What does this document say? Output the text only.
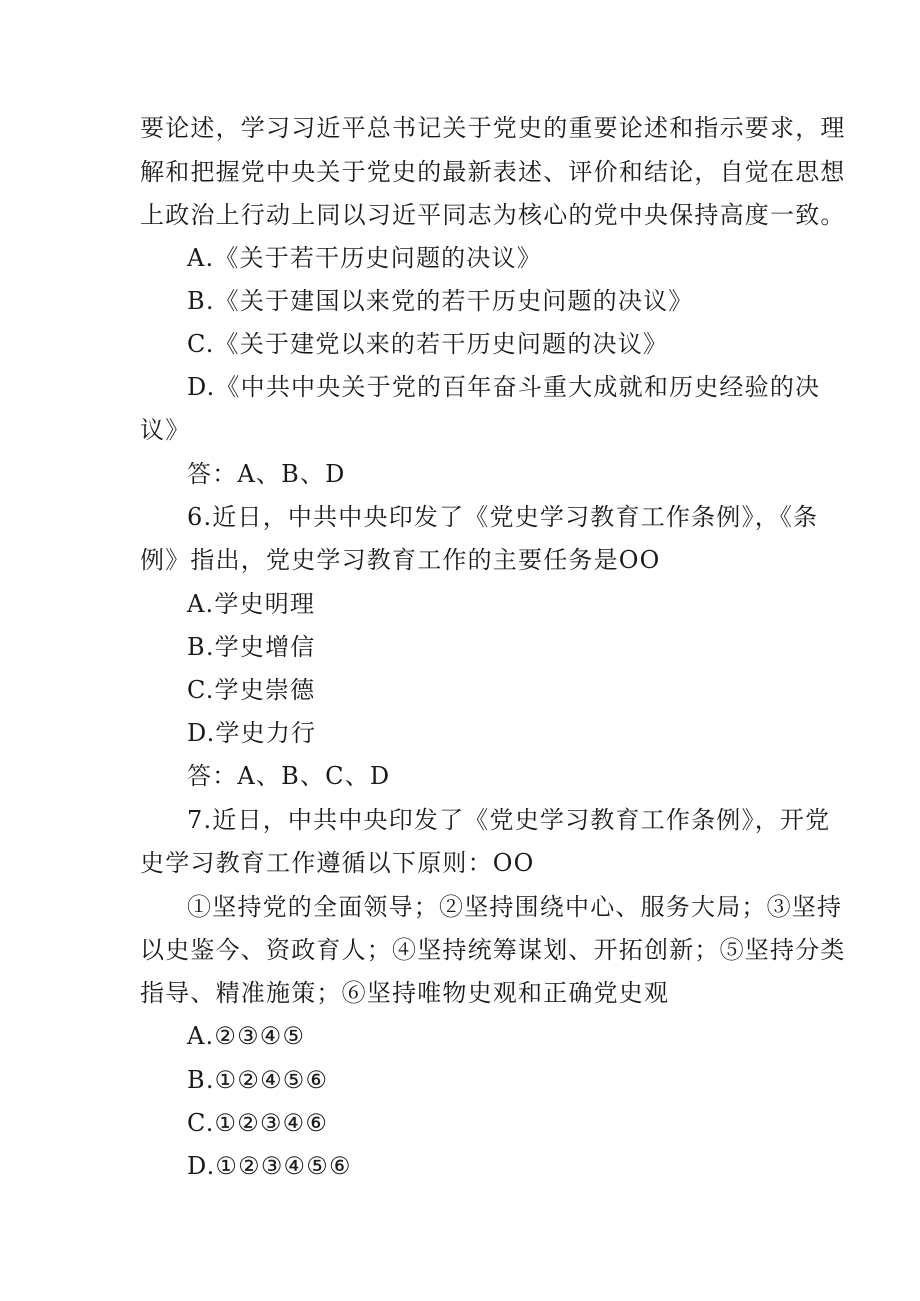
要论述，学习习近平总书记关于党史的重要论述和指示要求，理
解和把握党中央关于党史的最新表述、评价和结论，自觉在思想
上政治上行动上同以习近平同志为核心的党中央保持高度一致。
A.《关于若干历史问题的决议》
B.《关于建国以来党的若干历史问题的决议》
C.《关于建党以来的若干历史问题的决议》
D.《中共中央关于党的百年奋斗重大成就和历史经验的决
议》
答：A、B、D
6.近日，中共中央印发了《党史学习教育工作条例》，《条
例》指出，党史学习教育工作的主要任务是OO
A.学史明理
B.学史增信
C.学史崇德
D.学史力行
答：A、B、C、D
7.近日，中共中央印发了《党史学习教育工作条例》，开党
史学习教育工作遵循以下原则：OO
①坚持党的全面领导；②坚持围绕中心、服务大局；③坚持
以史鉴今、资政育人；④坚持统筹谋划、开拓创新；⑤坚持分类
指导、精准施策；⑥坚持唯物史观和正确党史观
A.②③④⑤
B.①②④⑤⑥
C.①②③④⑥
D.①②③④⑤⑥
